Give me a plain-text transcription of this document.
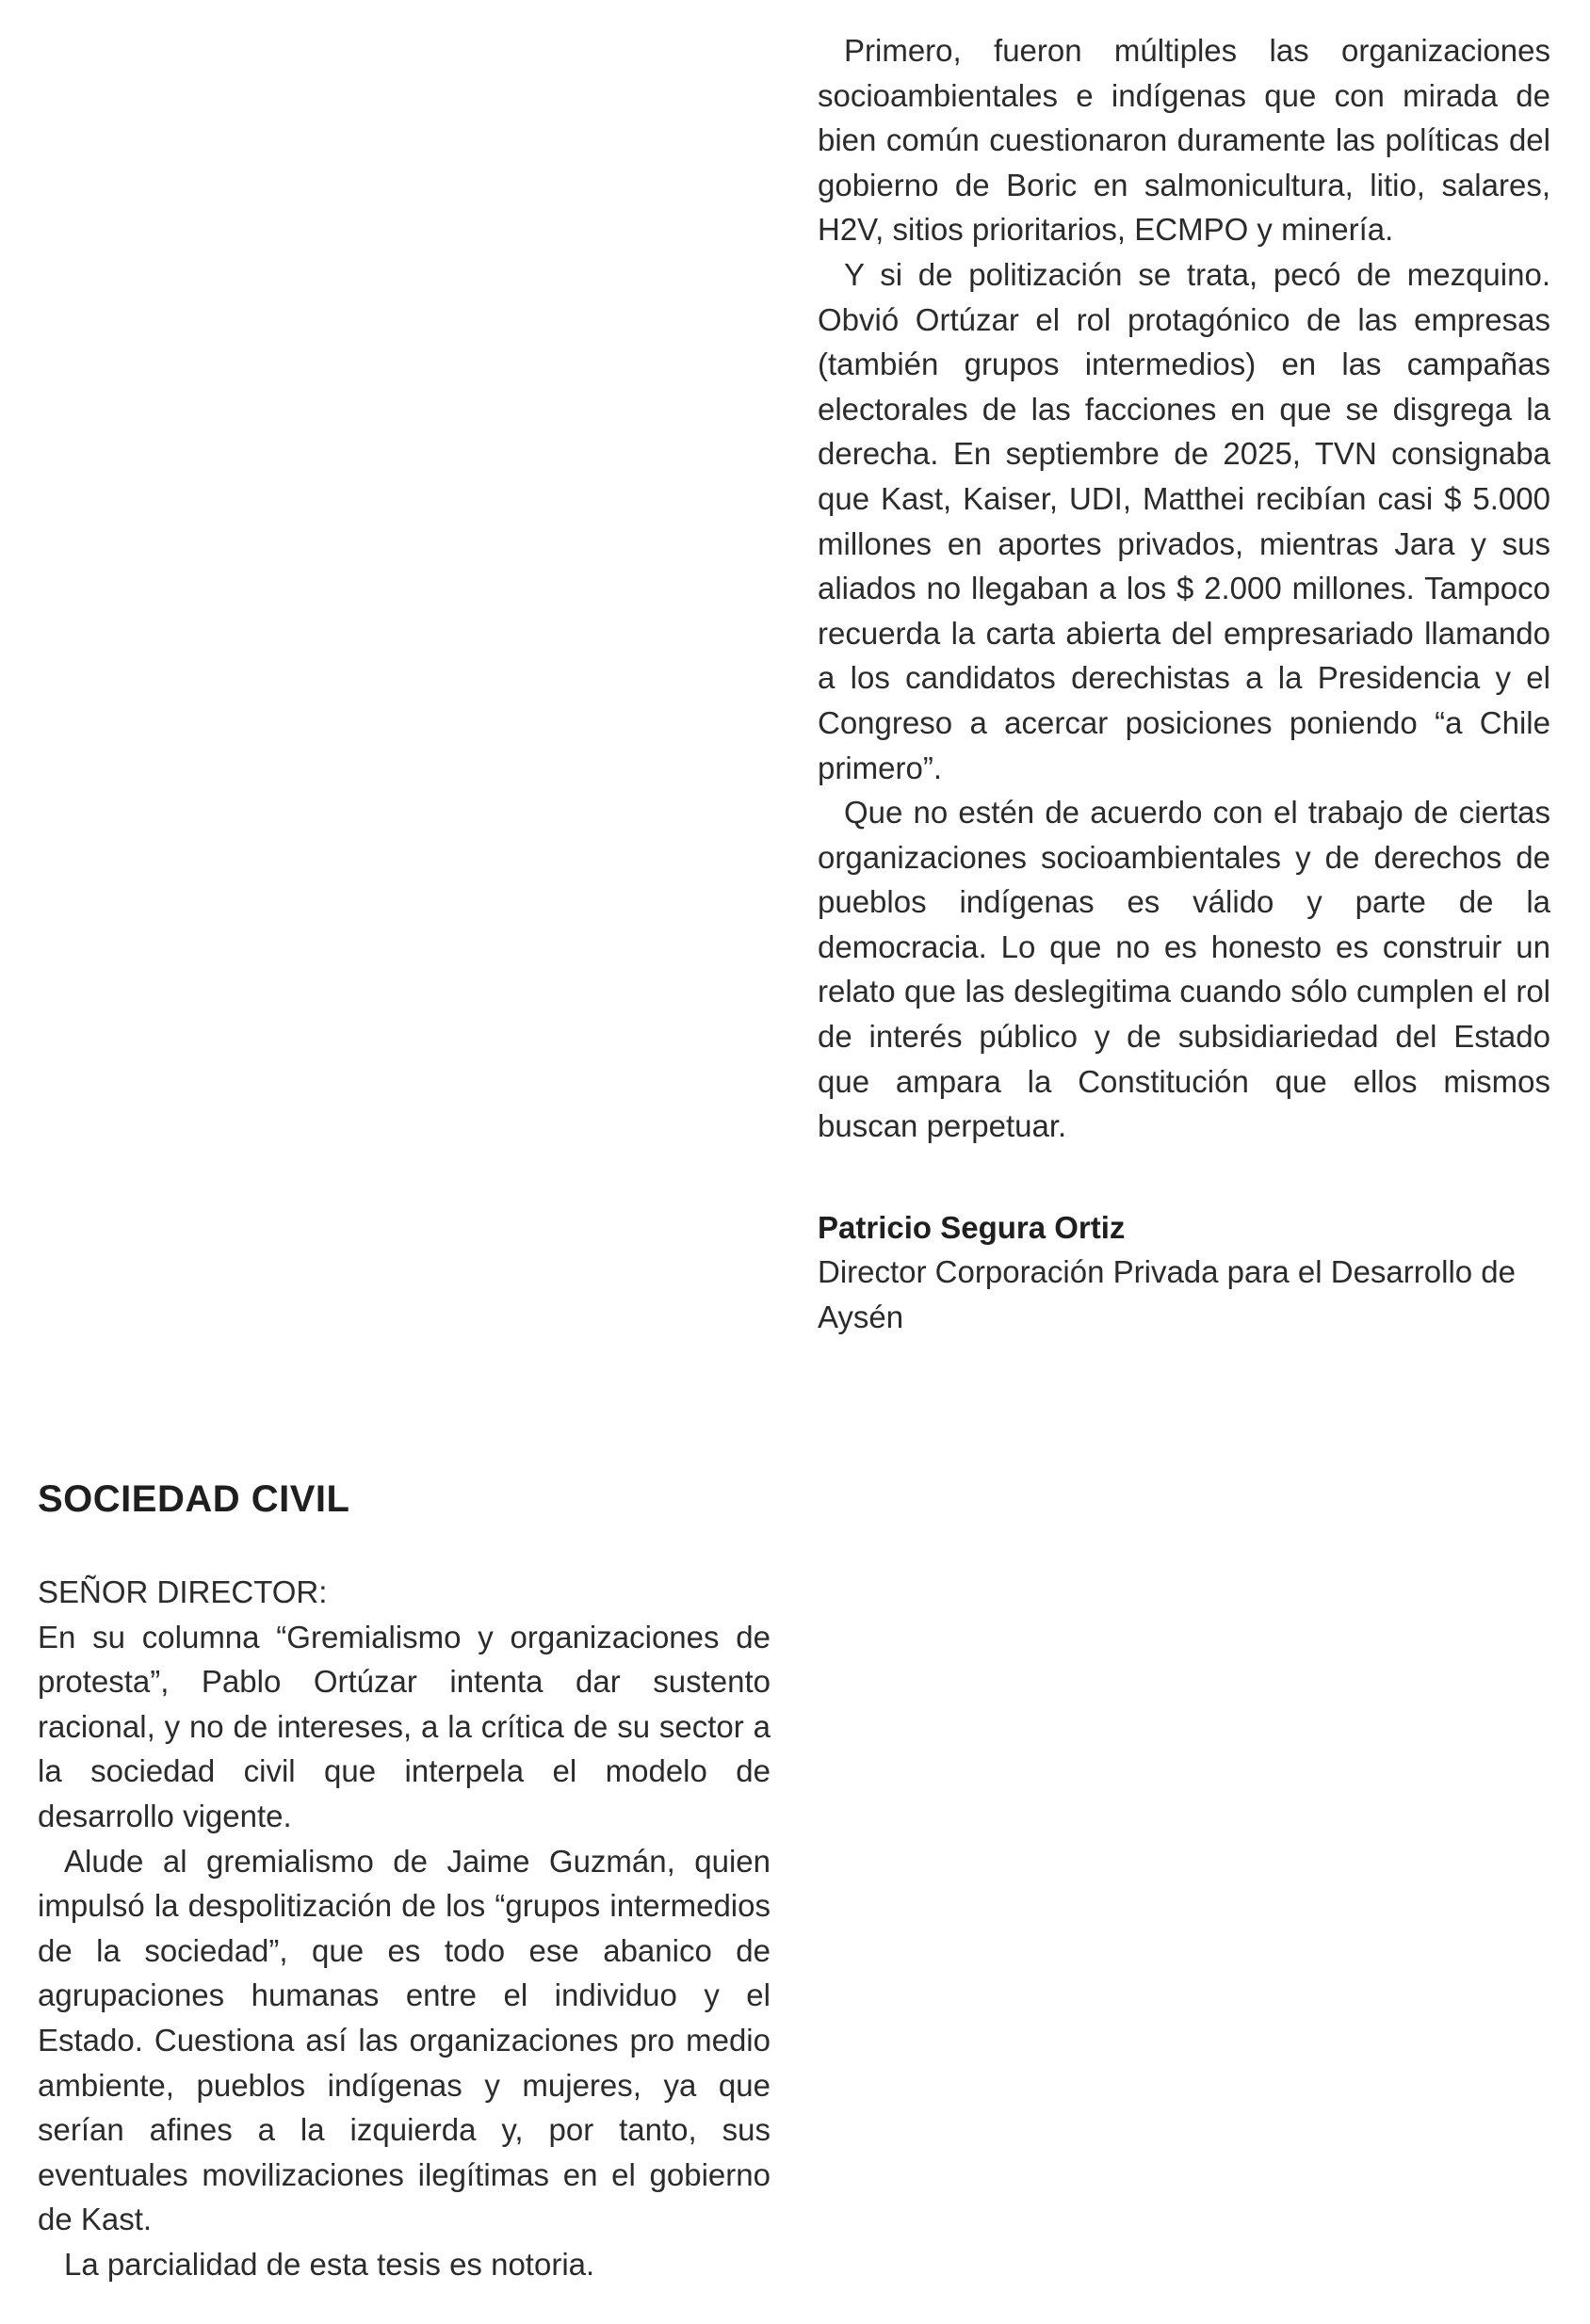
Primero, fueron múltiples las organizaciones socioambientales e indígenas que con mirada de bien común cuestionaron duramente las políticas del gobierno de Boric en salmonicultura, litio, salares, H2V, sitios prioritarios, ECMPO y minería.

Y si de politización se trata, pecó de mezquino. Obvió Ortúzar el rol protagónico de las empresas (también grupos intermedios) en las campañas electorales de las facciones en que se disgrega la derecha. En septiembre de 2025, TVN consignaba que Kast, Kaiser, UDI, Matthei recibían casi $ 5.000 millones en aportes privados, mientras Jara y sus aliados no llegaban a los $ 2.000 millones. Tampoco recuerda la carta abierta del empresariado llamando a los candidatos derechistas a la Presidencia y el Congreso a acercar posiciones poniendo “a Chile primero”.

Que no estén de acuerdo con el trabajo de ciertas organizaciones socioambientales y de derechos de pueblos indígenas es válido y parte de la democracia. Lo que no es honesto es construir un relato que las deslegitima cuando sólo cumplen el rol de interés público y de subsidiariedad del Estado que ampara la Constitución que ellos mismos buscan perpetuar.

Patricio Segura Ortiz
Director Corporación Privada para el Desarrollo de Aysén
SOCIEDAD CIVIL

SEÑOR DIRECTOR:

En su columna “Gremialismo y organizaciones de protesta”, Pablo Ortúzar intenta dar sustento racional, y no de intereses, a la crítica de su sector a la sociedad civil que interpela el modelo de desarrollo vigente.

Alude al gremialismo de Jaime Guzmán, quien impulsó la despolitización de los “grupos intermedios de la sociedad”, que es todo ese abanico de agrupaciones humanas entre el individuo y el Estado. Cuestiona así las organizaciones pro medio ambiente, pueblos indígenas y mujeres, ya que serían afines a la izquierda y, por tanto, sus eventuales movilizaciones ilegítimas en el gobierno de Kast.

La parcialidad de esta tesis es notoria.
